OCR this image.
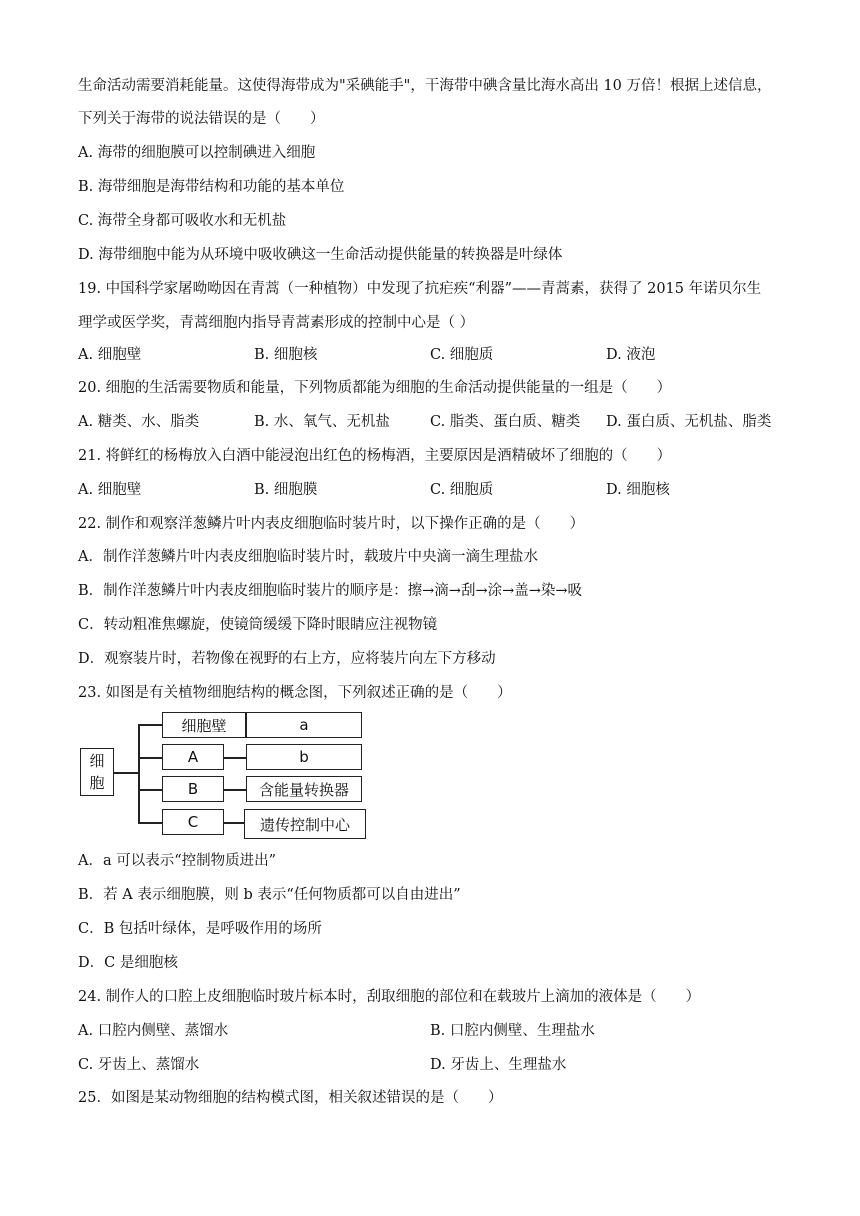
生命活动需要消耗能量。这使得海带成为"采碘能手"，干海带中碘含量比海水高出 10 万倍！根据上述信息，
下列关于海带的说法错误的是（　　）
A. 海带的细胞膜可以控制碘进入细胞
B. 海带细胞是海带结构和功能的基本单位
C. 海带全身都可吸收水和无机盐
D. 海带细胞中能为从环境中吸收碘这一生命活动提供能量的转换器是叶绿体
19. 中国科学家屠呦呦因在青蒿（一种植物）中发现了抗疟疾“利器”——青蒿素，获得了 2015 年诺贝尔生
理学或医学奖，青蒿细胞内指导青蒿素形成的控制中心是（ ）
A. 细胞壁	B. 细胞核	C. 细胞质	D. 液泡
20. 细胞的生活需要物质和能量，下列物质都能为细胞的生命活动提供能量的一组是（　　）
A. 糖类、水、脂类	B. 水、氧气、无机盐	C. 脂类、蛋白质、糖类 D. 蛋白质、无机盐、脂类
21. 将鲜红的杨梅放入白酒中能浸泡出红色的杨梅酒，主要原因是酒精破坏了细胞的（　　）
A. 细胞壁	B. 细胞膜	C. 细胞质	D. 细胞核
22. 制作和观察洋葱鳞片叶内表皮细胞临时装片时，以下操作正确的是（　　）
A．制作洋葱鳞片叶内表皮细胞临时装片时，载玻片中央滴一滴生理盐水
B．制作洋葱鳞片叶内表皮细胞临时装片的顺序是：擦→滴→刮→涂→盖→染→吸
C．转动粗准焦螺旋，使镜筒缓缓下降时眼睛应注视物镜
D．观察装片时，若物像在视野的右上方，应将装片向左下方移动
23. 如图是有关植物细胞结构的概念图，下列叙述正确的是（　　）
细
胞
细胞壁
A
B
C
a
b
含能量转换器
遗传控制中心
A．a 可以表示“控制物质进出”
B．若 A 表示细胞膜，则 b 表示“任何物质都可以自由进出”
C．B 包括叶绿体，是呼吸作用的场所
D．C 是细胞核
24. 制作人的口腔上皮细胞临时玻片标本时，刮取细胞的部位和在载玻片上滴加的液体是（　　）
A. 口腔内侧壁、蒸馏水	B. 口腔内侧壁、生理盐水
C. 牙齿上、蒸馏水	D. 牙齿上、生理盐水
25．如图是某动物细胞的结构模式图，相关叙述错误的是（　　）
